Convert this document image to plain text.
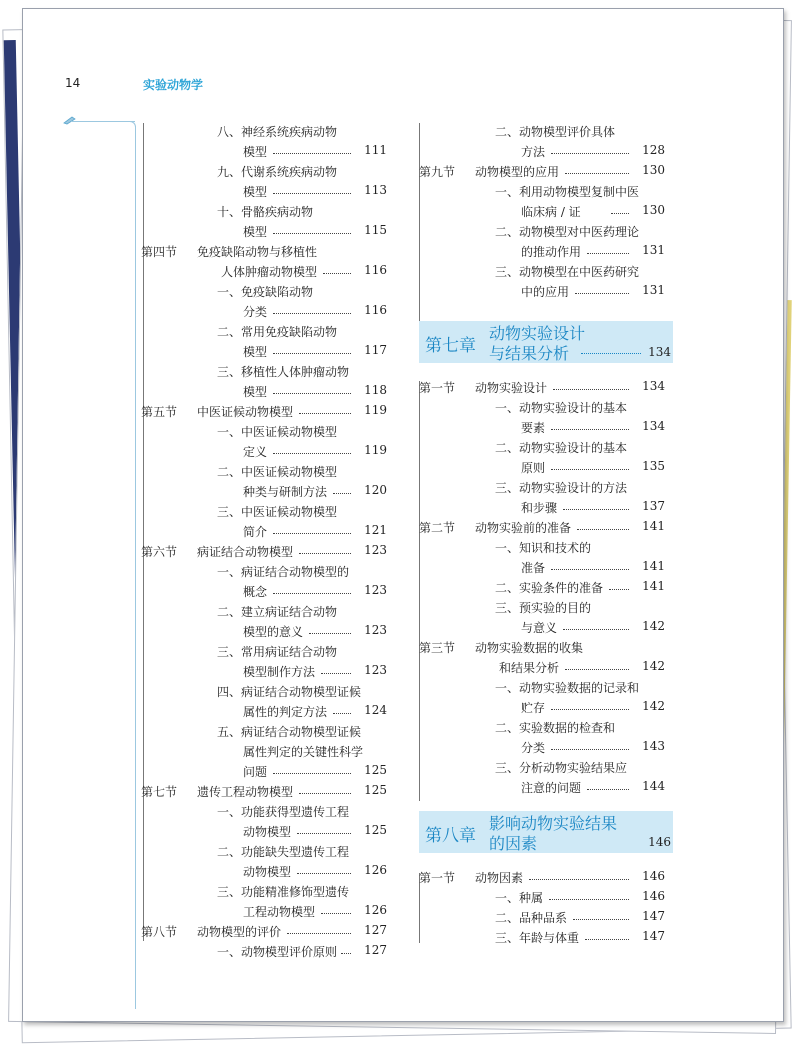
14	实验动物学
八、神经系统疾病动物
模型	111
九、代谢系统疾病动物
模型	113
十、骨骼疾病动物
模型	115
第四节 免疫缺陷动物与移植性
人体肿瘤动物模型	116
一、免疫缺陷动物
分类	116
二、常用免疫缺陷动物
模型	117
三、移植性人体肿瘤动物
模型	118
第五节 中医证候动物模型	119
一、中医证候动物模型
定义	119
二、中医证候动物模型
种类与研制方法	120
三、中医证候动物模型
简介	121
第六节 病证结合动物模型	123
一、病证结合动物模型的
概念	123
二、建立病证结合动物
模型的意义	123
三、常用病证结合动物
模型制作方法	123
四、病证结合动物模型证候
属性的判定方法	124
五、病证结合动物模型证候
属性判定的关键性科学
问题	125
第七节 遗传工程动物模型	125
一、功能获得型遗传工程
动物模型	125
二、功能缺失型遗传工程
动物模型	126
三、功能精准修饰型遗传
工程动物模型	126
第八节 动物模型的评价	127
一、动物模型评价原则	127
二、动物模型评价具体
方法	128
第九节 动物模型的应用	130
一、利用动物模型复制中医
临床病 / 证	130
二、动物模型对中医药理论
的推动作用	131
三、动物模型在中医药研究
中的应用	131
第七章
动物实验设计
与结果分析	134
第一节 动物实验设计	134
一、动物实验设计的基本
要素	134
二、动物实验设计的基本
原则	135
三、动物实验设计的方法
和步骤	137
第二节 动物实验前的准备	141
一、知识和技术的
准备	141
二、实验条件的准备	141
三、预实验的目的
与意义	142
第三节 动物实验数据的收集
和结果分析	142
一、动物实验数据的记录和
贮存	142
二、实验数据的检查和
分类	143
三、分析动物实验结果应
注意的问题	144
第八章
影响动物实验结果
的因素	146
第一节 动物因素	146
一、种属	146
二、品种品系	147
三、年龄与体重	147
